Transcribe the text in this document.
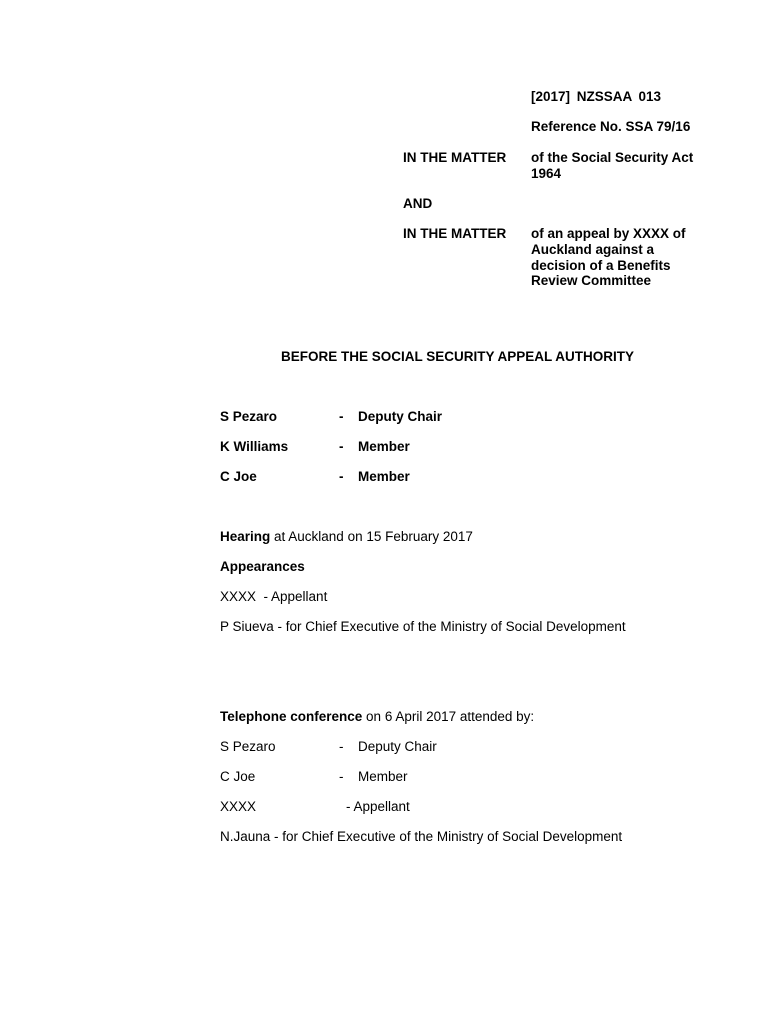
[2017] NZSSAA 013
Reference No. SSA 79/16
IN THE MATTER of the Social Security Act
1964
AND
IN THE MATTER of an appeal by XXXX of
Auckland against a
decision of a Benefits
Review Committee
BEFORE THE SOCIAL SECURITY APPEAL AUTHORITY
S Pezaro	- Deputy Chair
K Williams	- Member
C Joe	- Member
Hearing at Auckland on 15 February 2017
Appearances
XXXX  - Appellant
P Siueva - for Chief Executive of the Ministry of Social Development
Telephone conference on 6 April 2017 attended by:
S Pezaro	- Deputy Chair
C Joe	- Member
XXXX	- Appellant
N.Jauna - for Chief Executive of the Ministry of Social Development
